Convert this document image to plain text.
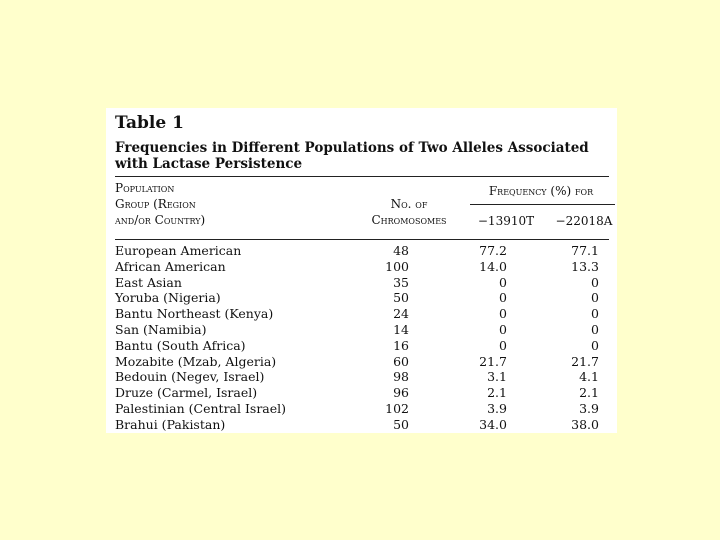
Table 1
Frequencies in Different Populations of Two Alleles Associated with Lactase Persistence
Population
Group (Region
and/or Country)
No. of
Chromosomes
Frequency (%) for
−13910T	−22018A
European American	48	77.2	77.1
African American	100	14.0	13.3
East Asian	35	0	0
Yoruba (Nigeria)	50	0	0
Bantu Northeast (Kenya)	24	0	0
San (Namibia)	14	0	0
Bantu (South Africa)	16	0	0
Mozabite (Mzab, Algeria)	60	21.7	21.7
Bedouin (Negev, Israel)	98	3.1	4.1
Druze (Carmel, Israel)	96	2.1	2.1
Palestinian (Central Israel)	102	3.9	3.9
Brahui (Pakistan)	50	34.0	38.0
